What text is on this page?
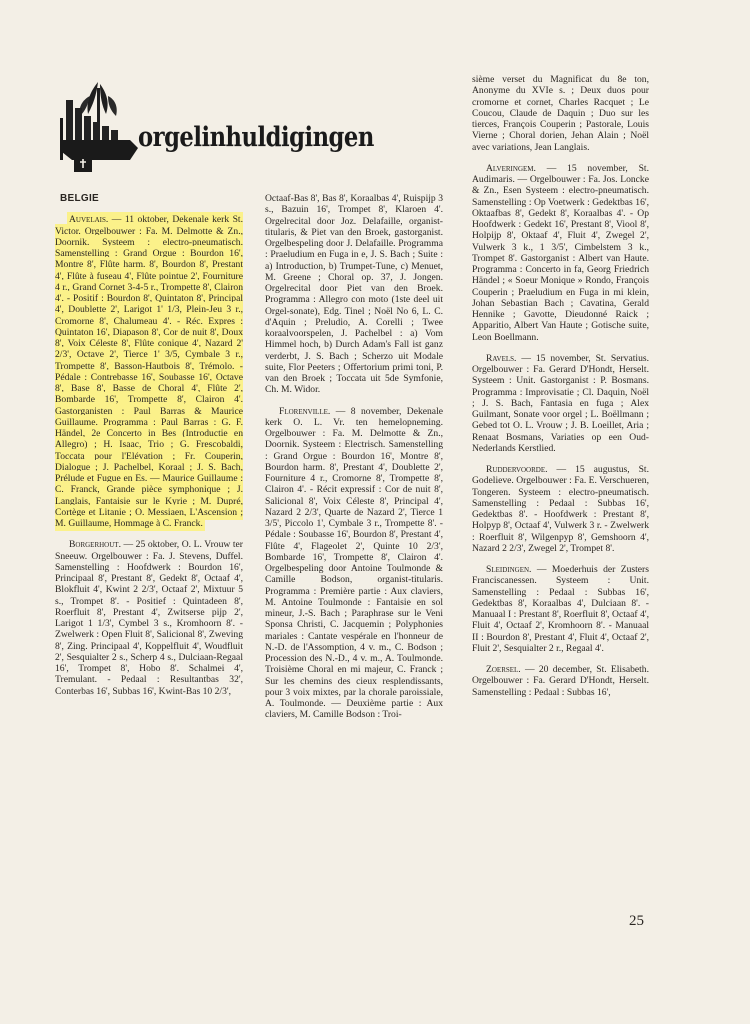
orgelinhuldigingen
BELGIE

Auvelais. — 11 oktober, Dekenale kerk St. Victor. Orgelbouwer : Fa. M. Delmotte & Zn., Doornik. Systeem : electro-pneumatisch. Samenstelling : Grand Orgue : Bourdon 16', Montre 8', Flûte harm. 8', Bourdon 8', Prestant 4', Flûte à fuseau 4', Flûte pointue 2', Fourniture 4 r., Grand Cornet 3-4-5 r., Trompette 8', Clairon 4'. - Positif : Bourdon 8', Quintaton 8', Principal 4', Doublette 2', Larigot 1' 1/3, Plein-Jeu 3 r., Cromorne 8', Chalumeau 4'. - Réc. Expres : Quintaton 16', Diapason 8', Cor de nuit 8', Doux 8', Voix Céleste 8', Flûte conique 4', Nazard 2' 2/3', Octave 2', Tierce 1' 3/5, Cymbale 3 r., Trompette 8', Basson-Hautbois 8', Trémolo. - Pédale : Contrebasse 16', Soubasse 16', Octave 8', Base 8', Basse de Choral 4', Flûte 2', Bombarde 16', Trompette 8', Clairon 4'. Gastorganisten : Paul Barras & Maurice Guillaume. Programma : Paul Barras : G. F. Händel, 2e Concerto in Bes (Introductie en Allegro) ; H. Isaac, Trio ; G. Frescobaldi, Toccata pour l'Elévation ; Fr. Couperin, Dialogue ; J. Pachelbel, Koraal ; J. S. Bach, Prélude et Fugue en Es. — Maurice Guillaume : C. Franck, Grande pièce symphonique ; J. Langlais, Fantaisie sur le Kyrie ; M. Dupré, Cortège et Litanie ; O. Messiaen, L'Ascension ; M. Guillaume, Hommage à C. Franck.

Borgerhout. — 25 oktober, O. L. Vrouw ter Sneeuw. Orgelbouwer : Fa. J. Stevens, Duffel. Samenstelling : Hoofdwerk : Bourdon 16', Principaal 8', Prestant 8', Gedekt 8', Octaaf 4', Blokfluit 4', Kwint 2 2/3', Octaaf 2', Mixtuur 5 s., Trompet 8'. - Positief : Quintadeen 8', Roerfluit 8', Prestant 4', Zwitserse pijp 2', Larigot 1 1/3', Cymbel 3 s., Kromhoorn 8'. - Zwelwerk : Open Fluit 8', Salicional 8', Zweving 8', Zing. Principaal 4', Koppelfluit 4', Woudfluit 2', Sesquialter 2 s., Scherp 4 s., Dulciaan-Regaal 16', Trompet 8', Hobo 8'. Schalmei 4', Tremulant. - Pedaal : Resultantbas 32', Conterbas 16', Subbas 16', Kwint-Bas 10 2/3',

Octaaf-Bas 8', Bas 8', Koraalbas 4', Ruispijp 3 s., Bazuin 16', Trompet 8', Klaroen 4'. Orgelrecital door Joz. Delafaille, organist-titularis, & Piet van den Broek, gastorganist. Orgelbespeling door J. Delafaille. Programma : Praeludium en Fuga in e, J. S. Bach ; Suite : a) Introduction, b) Trumpet-Tune, c) Menuet, M. Greene ; Choral op. 37, J. Jongen. Orgelrecital door Piet van den Broek. Programma : Allegro con moto (1ste deel uit Orgel-sonate), Edg. Tinel ; Noël No 6, L. C. d'Aquin ; Preludio, A. Corelli ; Twee koraalvoorspelen, J. Pachelbel : a) Vom Himmel hoch, b) Durch Adam's Fall ist ganz verderbt, J. S. Bach ; Scherzo uit Modale suite, Flor Peeters ; Offertorium primi toni, P. van den Broek ; Toccata uit 5de Symfonie, Ch. M. Widor.

Florenville. — 8 november, Dekenale kerk O. L. Vr. ten hemelopneming. Orgelbouwer : Fa. M. Delmotte & Zn., Doornik. Systeem : Electrisch. Samenstelling : Grand Orgue : Bourdon 16', Montre 8', Bourdon harm. 8', Prestant 4', Doublette 2', Fourniture 4 r., Cromorne 8', Trompette 8', Clairon 4'. - Récit expressif : Cor de nuit 8', Salicional 8', Voix Céleste 8', Principal 4', Nazard 2 2/3', Quarte de Nazard 2', Tierce 1 3/5', Piccolo 1', Cymbale 3 r., Trompette 8'. - Pédale : Soubasse 16', Bourdon 8', Prestant 4', Flûte 4', Flageolet 2', Quinte 10 2/3', Bombarde 16', Trompette 8', Clairon 4'. Orgelbespeling door Antoine Toulmonde & Camille Bodson, organist-titularis. Programma : Première partie : Aux claviers, M. Antoine Toulmonde : Fantaisie en sol mineur, J.-S. Bach ; Paraphrase sur le Veni Sponsa Christi, C. Jacquemin ; Polyphonies mariales : Cantate vespérale en l'honneur de N.-D. de l'Assomption, 4 v. m., C. Bodson ; Procession des N.-D., 4 v. m., A. Toulmonde. Troisième Choral en mi majeur, C. Franck ; Sur les chemins des cieux resplendissants, pour 3 voix mixtes, par la chorale paroissiale, A. Toulmonde. — Deuxième partie : Aux claviers, M. Camille Bodson : Troi-

sième verset du Magnificat du 8e ton, Anonyme du XVIe s. ; Deux duos pour cromorne et cornet, Charles Racquet ; Le Coucou, Claude de Daquin ; Duo sur les tierces, François Couperin ; Pastorale, Louis Vierne ; Choral dorien, Jehan Alain ; Noël avec variations, Jean Langlais.

Alveringem. — 15 november, St. Audimaris. — Orgelbouwer : Fa. Jos. Loncke & Zn., Esen Systeem : electro-pneumatisch. Samenstelling : Op Voetwerk : Gedektbas 16', Oktaafbas 8', Gedekt 8', Koraalbas 4'. - Op Hoofdwerk : Gedekt 16', Prestant 8', Viool 8', Holpijp 8', Oktaaf 4', Fluit 4', Zwegel 2', Vulwerk 3 k., 1 3/5', Cimbelstem 3 k., Trompet 8'. Gastorganist : Albert van Haute. Programma : Concerto in fa, Georg Friedrich Händel ; « Soeur Monique » Rondo, François Couperin ; Praeludium en Fuga in mi klein, Johan Sebastian Bach ; Cavatina, Gerald Hennike ; Gavotte, Dieudonné Raick ; Apparitio, Albert Van Haute ; Gotische suite, Leon Boellmann.

Ravels. — 15 november, St. Servatius. Orgelbouwer : Fa. Gerard D'Hondt, Herselt. Systeem : Unit. Gastorganist : P. Bosmans. Programma : Improvisatie ; Cl. Daquin, Noël ; J. S. Bach, Fantasia en fuga ; Alex Guilmant, Sonate voor orgel ; L. Boëllmann ; Gebed tot O. L. Vrouw ; J. B. Loeillet, Aria ; Renaat Bosmans, Variaties op een Oud-Nederlands Kerstlied.

Ruddervoorde. — 15 augustus, St. Godelieve. Orgelbouwer : Fa. E. Verschueren, Tongeren. Systeem : electro-pneumatisch. Samenstelling : Pedaal : Subbas 16', Gedektbas 8'. - Hoofdwerk : Prestant 8', Holpyp 8', Octaaf 4', Vulwerk 3 r. - Zwelwerk : Roerfluit 8', Wilgenpyp 8', Gemshoorn 4', Nazard 2 2/3', Zwegel 2', Trompet 8'.

Sleidingen. — Moederhuis der Zusters Franciscanessen. Systeem : Unit. Samenstelling : Pedaal : Subbas 16', Gedektbas 8', Koraalbas 4', Dulciaan 8'. - Manuaal I : Prestant 8', Roerfluit 8', Octaaf 4', Fluit 4', Octaaf 2', Kromhoorn 8'. - Manuaal II : Bourdon 8', Prestant 4', Fluit 4', Octaaf 2', Fluit 2', Sesquialter 2 r., Regaal 4'.

Zoersel. — 20 december, St. Elisabeth. Orgelbouwer : Fa. Gerard D'Hondt, Herselt. Samenstelling : Pedaal : Subbas 16',

25
